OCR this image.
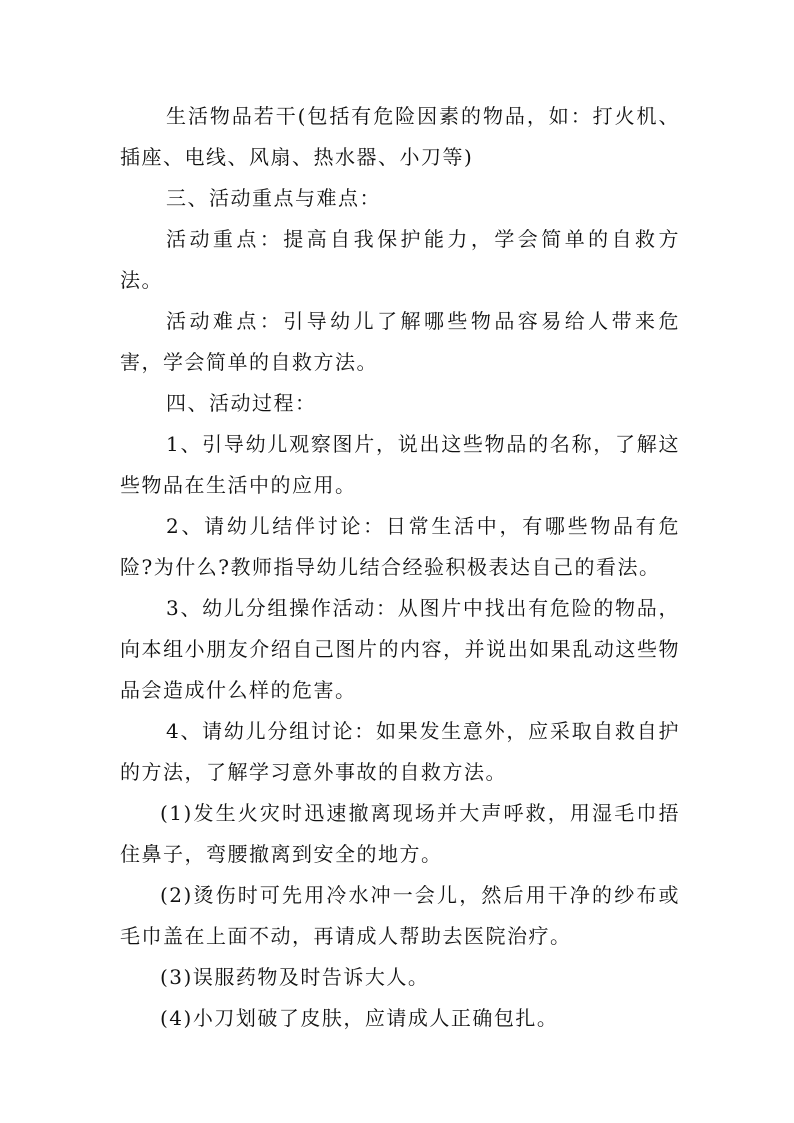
生活物品若干(包括有危险因素的物品，如：打火机、插座、电线、风扇、热水器、小刀等)

三、活动重点与难点：

活动重点：提高自我保护能力，学会简单的自救方法。

活动难点：引导幼儿了解哪些物品容易给人带来危害，学会简单的自救方法。

四、活动过程：

1、引导幼儿观察图片，说出这些物品的名称，了解这些物品在生活中的应用。

2、请幼儿结伴讨论：日常生活中，有哪些物品有危险?为什么?教师指导幼儿结合经验积极表达自己的看法。

3、幼儿分组操作活动：从图片中找出有危险的物品，向本组小朋友介绍自己图片的内容，并说出如果乱动这些物品会造成什么样的危害。

4、请幼儿分组讨论：如果发生意外，应采取自救自护的方法，了解学习意外事故的自救方法。

(1)发生火灾时迅速撤离现场并大声呼救，用湿毛巾捂住鼻子，弯腰撤离到安全的地方。

(2)烫伤时可先用冷水冲一会儿，然后用干净的纱布或毛巾盖在上面不动，再请成人帮助去医院治疗。

(3)误服药物及时告诉大人。

(4)小刀划破了皮肤，应请成人正确包扎。
